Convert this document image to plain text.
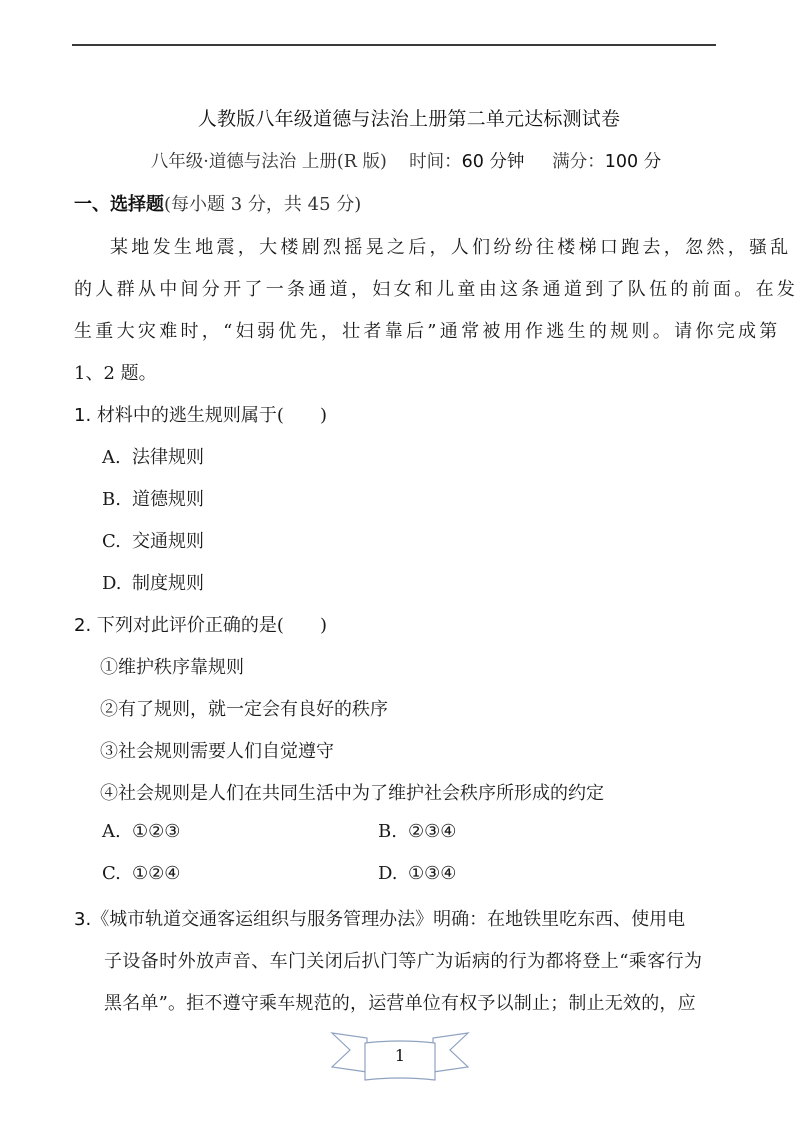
人教版八年级道德与法治上册第二单元达标测试卷
八年级·道德与法治 上册(R 版) 时间：60 分钟 满分：100 分
一、选择题(每小题 3 分，共 45 分)
某地发生地震，大楼剧烈摇晃之后，人们纷纷往楼梯口跑去，忽然，骚乱
的人群从中间分开了一条通道，妇女和儿童由这条通道到了队伍的前面。在发
生重大灾难时，“妇弱优先，壮者靠后”通常被用作逃生的规则。请你完成第
1、2 题。
1. 材料中的逃生规则属于(　　)
A. 法律规则
B. 道德规则
C. 交通规则
D. 制度规则
2. 下列对此评价正确的是(　　)
①维护秩序靠规则
②有了规则，就一定会有良好的秩序
③社会规则需要人们自觉遵守
④社会规则是人们在共同生活中为了维护社会秩序所形成的约定
A. ①②③	B. ②③④
C. ①②④	D. ①③④
3.《城市轨道交通客运组织与服务管理办法》明确：在地铁里吃东西、使用电
子设备时外放声音、车门关闭后扒门等广为诟病的行为都将登上“乘客行为
黑名单”。拒不遵守乘车规范的，运营单位有权予以制止；制止无效的，应
1
